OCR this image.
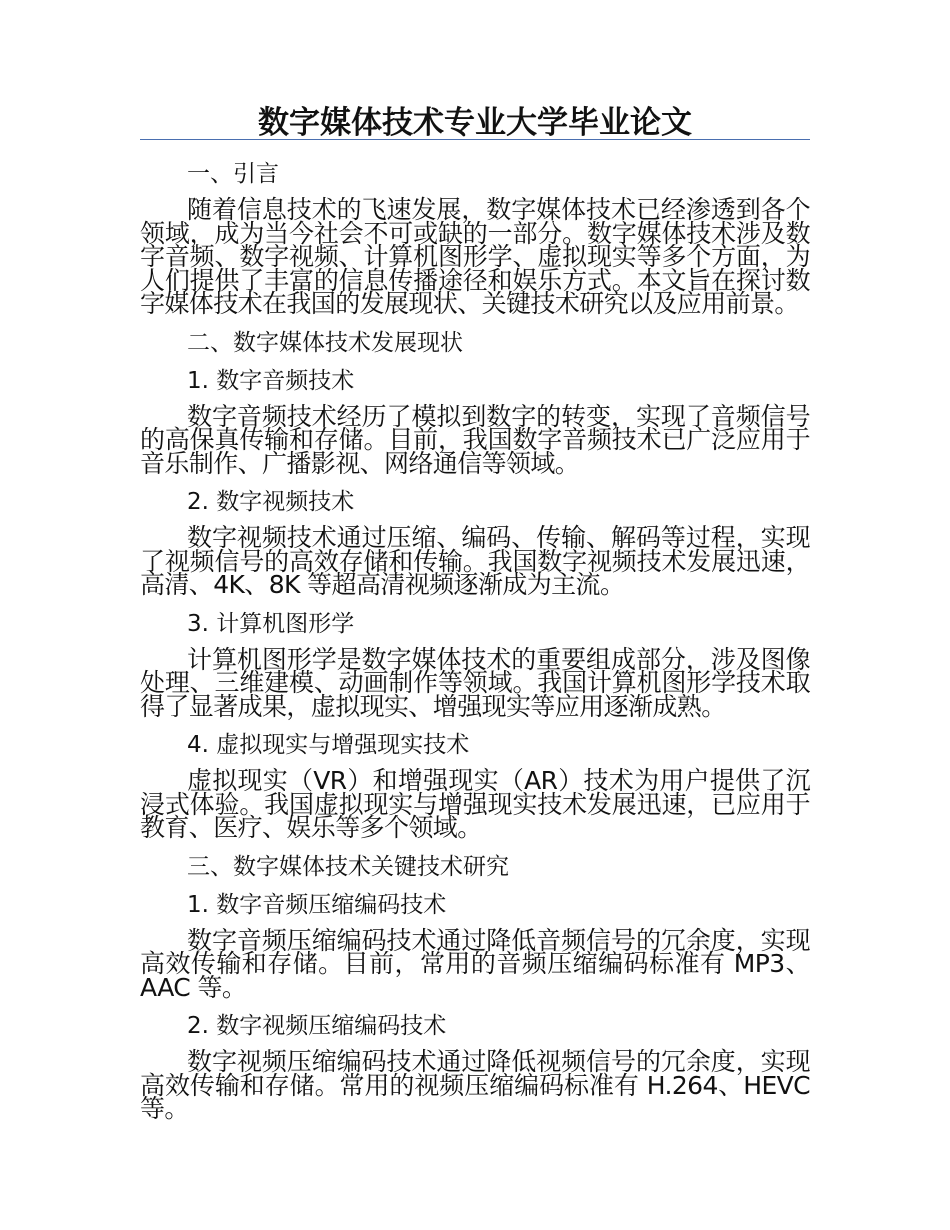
数字媒体技术专业大学毕业论文
一、引言
随着信息技术的飞速发展，数字媒体技术已经渗透到各个领域，成为当今社会不可或缺的一部分。数字媒体技术涉及数字音频、数字视频、计算机图形学、虚拟现实等多个方面，为人们提供了丰富的信息传播途径和娱乐方式。本文旨在探讨数字媒体技术在我国的发展现状、关键技术研究以及应用前景。
二、数字媒体技术发展现状
1. 数字音频技术
数字音频技术经历了模拟到数字的转变，实现了音频信号的高保真传输和存储。目前，我国数字音频技术已广泛应用于音乐制作、广播影视、网络通信等领域。
2. 数字视频技术
数字视频技术通过压缩、编码、传输、解码等过程，实现了视频信号的高效存储和传输。我国数字视频技术发展迅速，高清、4K、8K 等超高清视频逐渐成为主流。
3. 计算机图形学
计算机图形学是数字媒体技术的重要组成部分，涉及图像处理、三维建模、动画制作等领域。我国计算机图形学技术取得了显著成果，虚拟现实、增强现实等应用逐渐成熟。
4. 虚拟现实与增强现实技术
虚拟现实（VR）和增强现实（AR）技术为用户提供了沉浸式体验。我国虚拟现实与增强现实技术发展迅速，已应用于教育、医疗、娱乐等多个领域。
三、数字媒体技术关键技术研究
1. 数字音频压缩编码技术
数字音频压缩编码技术通过降低音频信号的冗余度，实现高效传输和存储。目前，常用的音频压缩编码标准有 MP3、AAC 等。
2. 数字视频压缩编码技术
数字视频压缩编码技术通过降低视频信号的冗余度，实现高效传输和存储。常用的视频压缩编码标准有 H.264、HEVC 等。
